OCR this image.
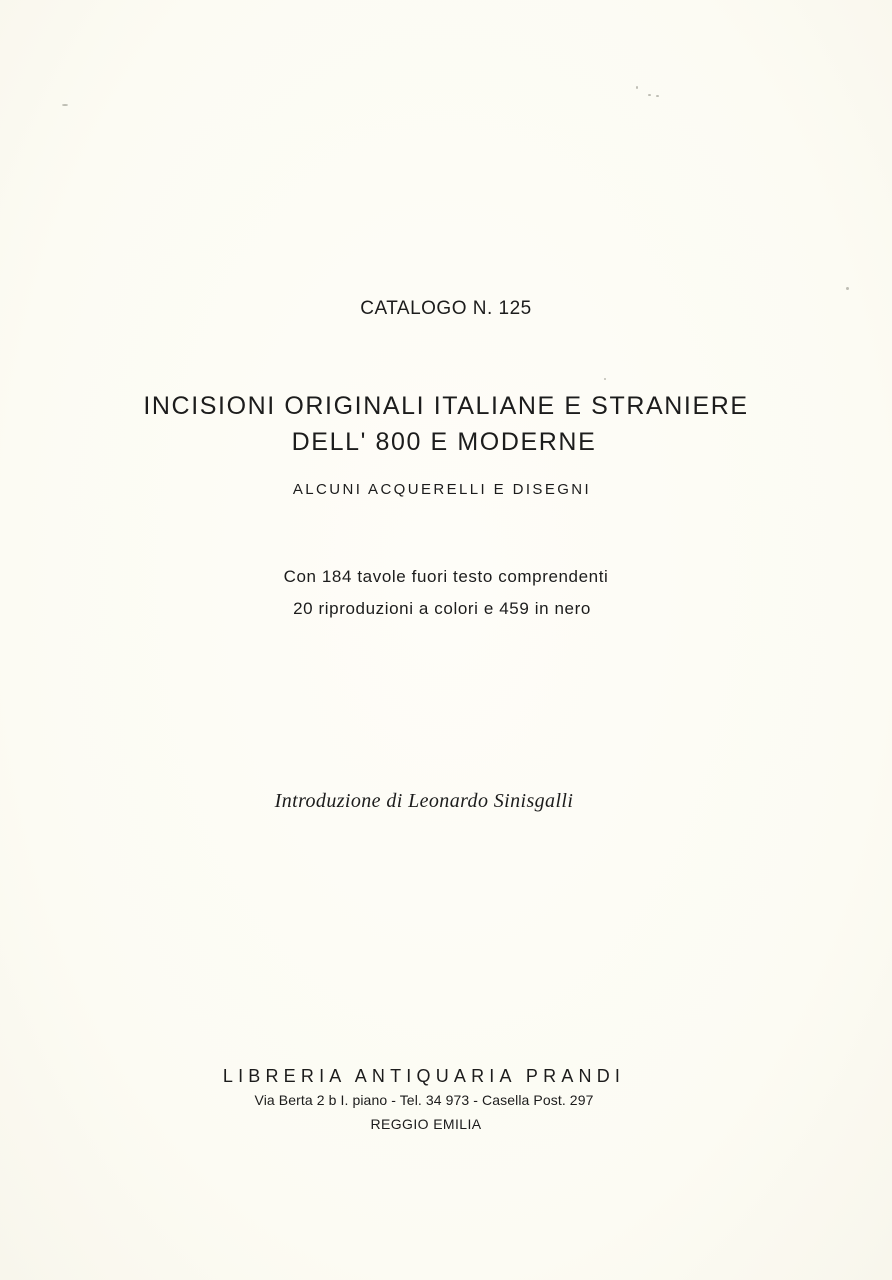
CATALOGO N. 125
INCISIONI ORIGINALI ITALIANE E STRANIERE
DELL' 800 E MODERNE
ALCUNI ACQUERELLI E DISEGNI
Con 184 tavole fuori testo comprendenti
20 riproduzioni a colori e 459 in nero
Introduzione di Leonardo Sinisgalli
LIBRERIA ANTIQUARIA PRANDI
Via Berta 2 b I. piano - Tel. 34 973 - Casella Post. 297
REGGIO EMILIA
